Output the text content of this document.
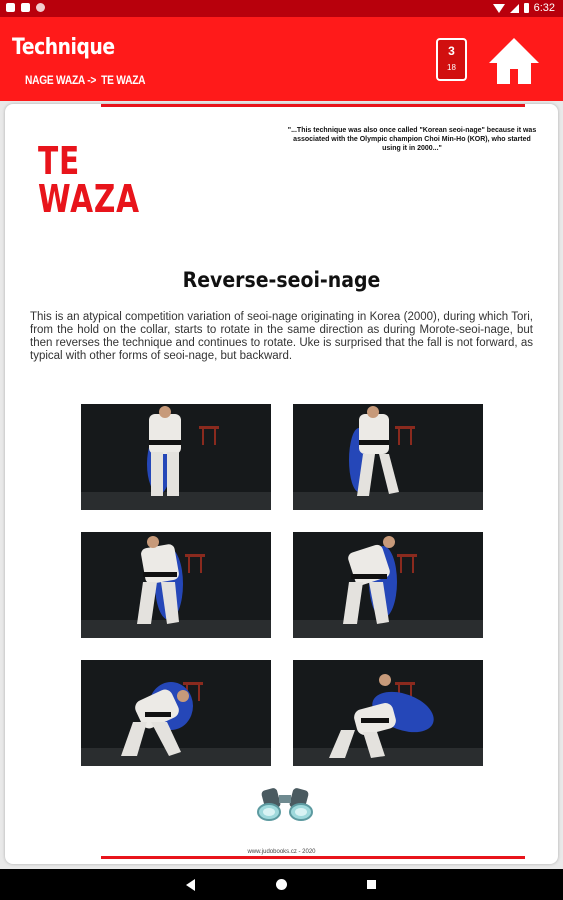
6:32
Technique
NAGE WAZA -> TE WAZA
3
18
"...This technique was also once called "Korean seoi-nage" because it was associated with the Olympic champion Choi Min-Ho (KOR), who started using it in 2000..."
TE
WAZA
Reverse-seoi-nage
This is an atypical competition variation of seoi-nage originating in Korea (2000), during which Tori, from the hold on the collar, starts to rotate in the same direction as during Morote-seoi-nage, but then reverses the technique and continues to rotate. Uke is surprised that the fall is not forward, as typical with other forms of seoi-nage, but backward.
www.judobooks.cz - 2020
